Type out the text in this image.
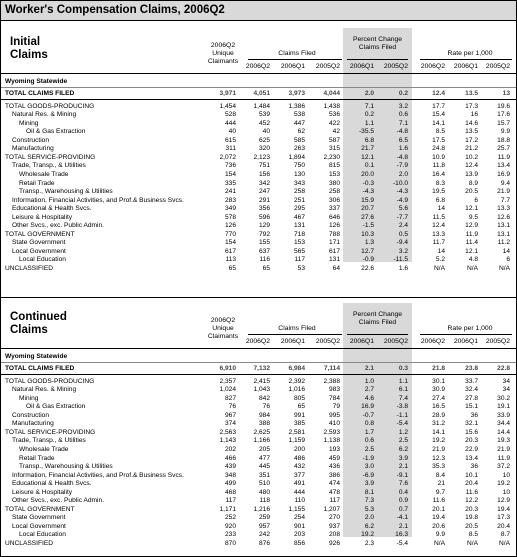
Worker's Compensation Claims, 2006Q2
Initial
Claims
2006Q2 Unique Claimants
Claims Filed
Percent Change Claims Filed
Rate per 1,000
2006Q2	2006Q1	2005Q2	2006Q1	2005Q2	2006Q2	2006Q1	2005Q2
Wyoming Statewide
TOTAL CLAIMS FILED	3,971	4,051	3,973	4,044	2.0	0.2	12.4	13.5	13
TOTAL GOODS-PRODUCING	1,454	1,484	1,386	1,438	7.1	3.2	17.7	17.3	19.6
Natural Res. & Mining	528	539	538	536	0.2	0.6	15.4	16	17.6
Mining	444	452	447	422	1.1	7.1	14.1	14.6	15.7
Oil & Gas Extraction	40	40	62	42	-35.5	-4.8	8.5	13.5	9.9
Construction	615	625	585	587	6.8	6.5	17.5	17.2	18.8
Manufacturing	311	320	263	315	21.7	1.6	24.8	21.2	25.7
TOTAL SERVICE-PROVIDING	2,072	2,123	1,894	2,230	12.1	-4.8	10.9	10.2	11.9
Trade, Transp., & Utilities	736	751	750	815	0.1	-7.9	11.8	12.4	13.4
Wholesale Trade	154	156	130	153	20.0	2.0	16.4	13.9	16.9
Retail Trade	335	342	343	380	-0.3	-10.0	8.3	8.9	9.4
Transp., Warehousing & Utilities	241	247	258	258	-4.3	-4.3	19.5	20.5	21.9
Information, Financial Activities, and Prof.& Business Svcs.	283	291	251	306	15.9	-4.9	6.8	6	7.7
Educational & Health Svcs.	349	356	295	337	20.7	5.6	14	12.1	13.3
Leisure & Hospitality	578	596	467	646	27.6	-7.7	11.5	9.5	12.6
Other Svcs., exc. Public Admin.	126	129	131	126	-1.5	2.4	12.4	12.9	13.1
TOTAL GOVERNMENT	770	792	718	788	10.3	0.5	13.3	11.9	13.1
State Government	154	155	153	171	1.3	-9.4	11.7	11.4	11.2
Local Government	617	637	565	617	12.7	3.2	14	12.1	14
Local Education	113	116	117	131	-0.9	-11.5	5.2	4.8	6
UNCLASSIFIED	65	65	53	64	22.6	1.6	N/A	N/A	N/A
Continued
Claims
2006Q2 Unique Claimants
Claims Filed
Percent Change Claims Filed
Rate per 1,000
2006Q2	2006Q1	2005Q2	2006Q1	2005Q2	2006Q2	2006Q1	2005Q2
Wyoming Statewide
TOTAL CLAIMS FILED	6,910	7,132	6,984	7,114	2.1	0.3	21.8	23.8	22.8
TOTAL GOODS-PRODUCING	2,357	2,415	2,392	2,388	1.0	1.1	30.1	33.7	34
Natural Res. & Mining	1,024	1,043	1,016	983	2.7	6.1	30.9	32.4	34
Mining	827	842	805	784	4.6	7.4	27.4	27.8	30.2
Oil & Gas Extraction	76	76	65	79	16.9	-3.8	16.5	15.1	19.1
Construction	967	984	991	995	-0.7	-1.1	28.9	36	33.9
Manufacturing	374	388	385	410	0.8	-5.4	31.2	32.1	34.4
TOTAL SERVICE-PROVIDING	2,563	2,625	2,581	2,593	1.7	1.2	14.1	15.6	14.4
Trade, Transp., & Utilities	1,143	1,166	1,159	1,138	0.6	2.5	19.2	20.3	19.3
Wholesale Trade	202	205	200	193	2.5	6.2	21.9	22.9	21.9
Retail Trade	466	477	486	459	-1.9	3.9	12.3	13.4	11.9
Transp., Warehousing & Utilities	439	445	432	436	3.0	2.1	35.3	36	37.2
Information, Financial Activities, and Prof.& Business Svcs.	348	351	377	386	-6.9	-9.1	8.4	10.1	10
Educational & Health Svcs.	499	510	491	474	3.9	7.6	21	20.4	19.2
Leisure & Hospitality	468	480	444	478	8.1	0.4	9.7	11.6	10
Other Svcs., exc. Public Admin.	117	118	110	117	7.3	0.9	11.6	12.2	12.9
TOTAL GOVERNMENT	1,171	1,216	1,155	1,207	5.3	0.7	20.1	20.3	19.4
State Government	252	259	254	270	2.0	-4.1	19.4	19.8	17.3
Local Government	920	957	901	937	6.2	2.1	20.6	20.5	20.4
Local Education	233	242	203	208	19.2	16.3	9.9	8.5	8.7
UNCLASSIFIED	870	876	856	926	2.3	-5.4	N/A	N/A	N/A
